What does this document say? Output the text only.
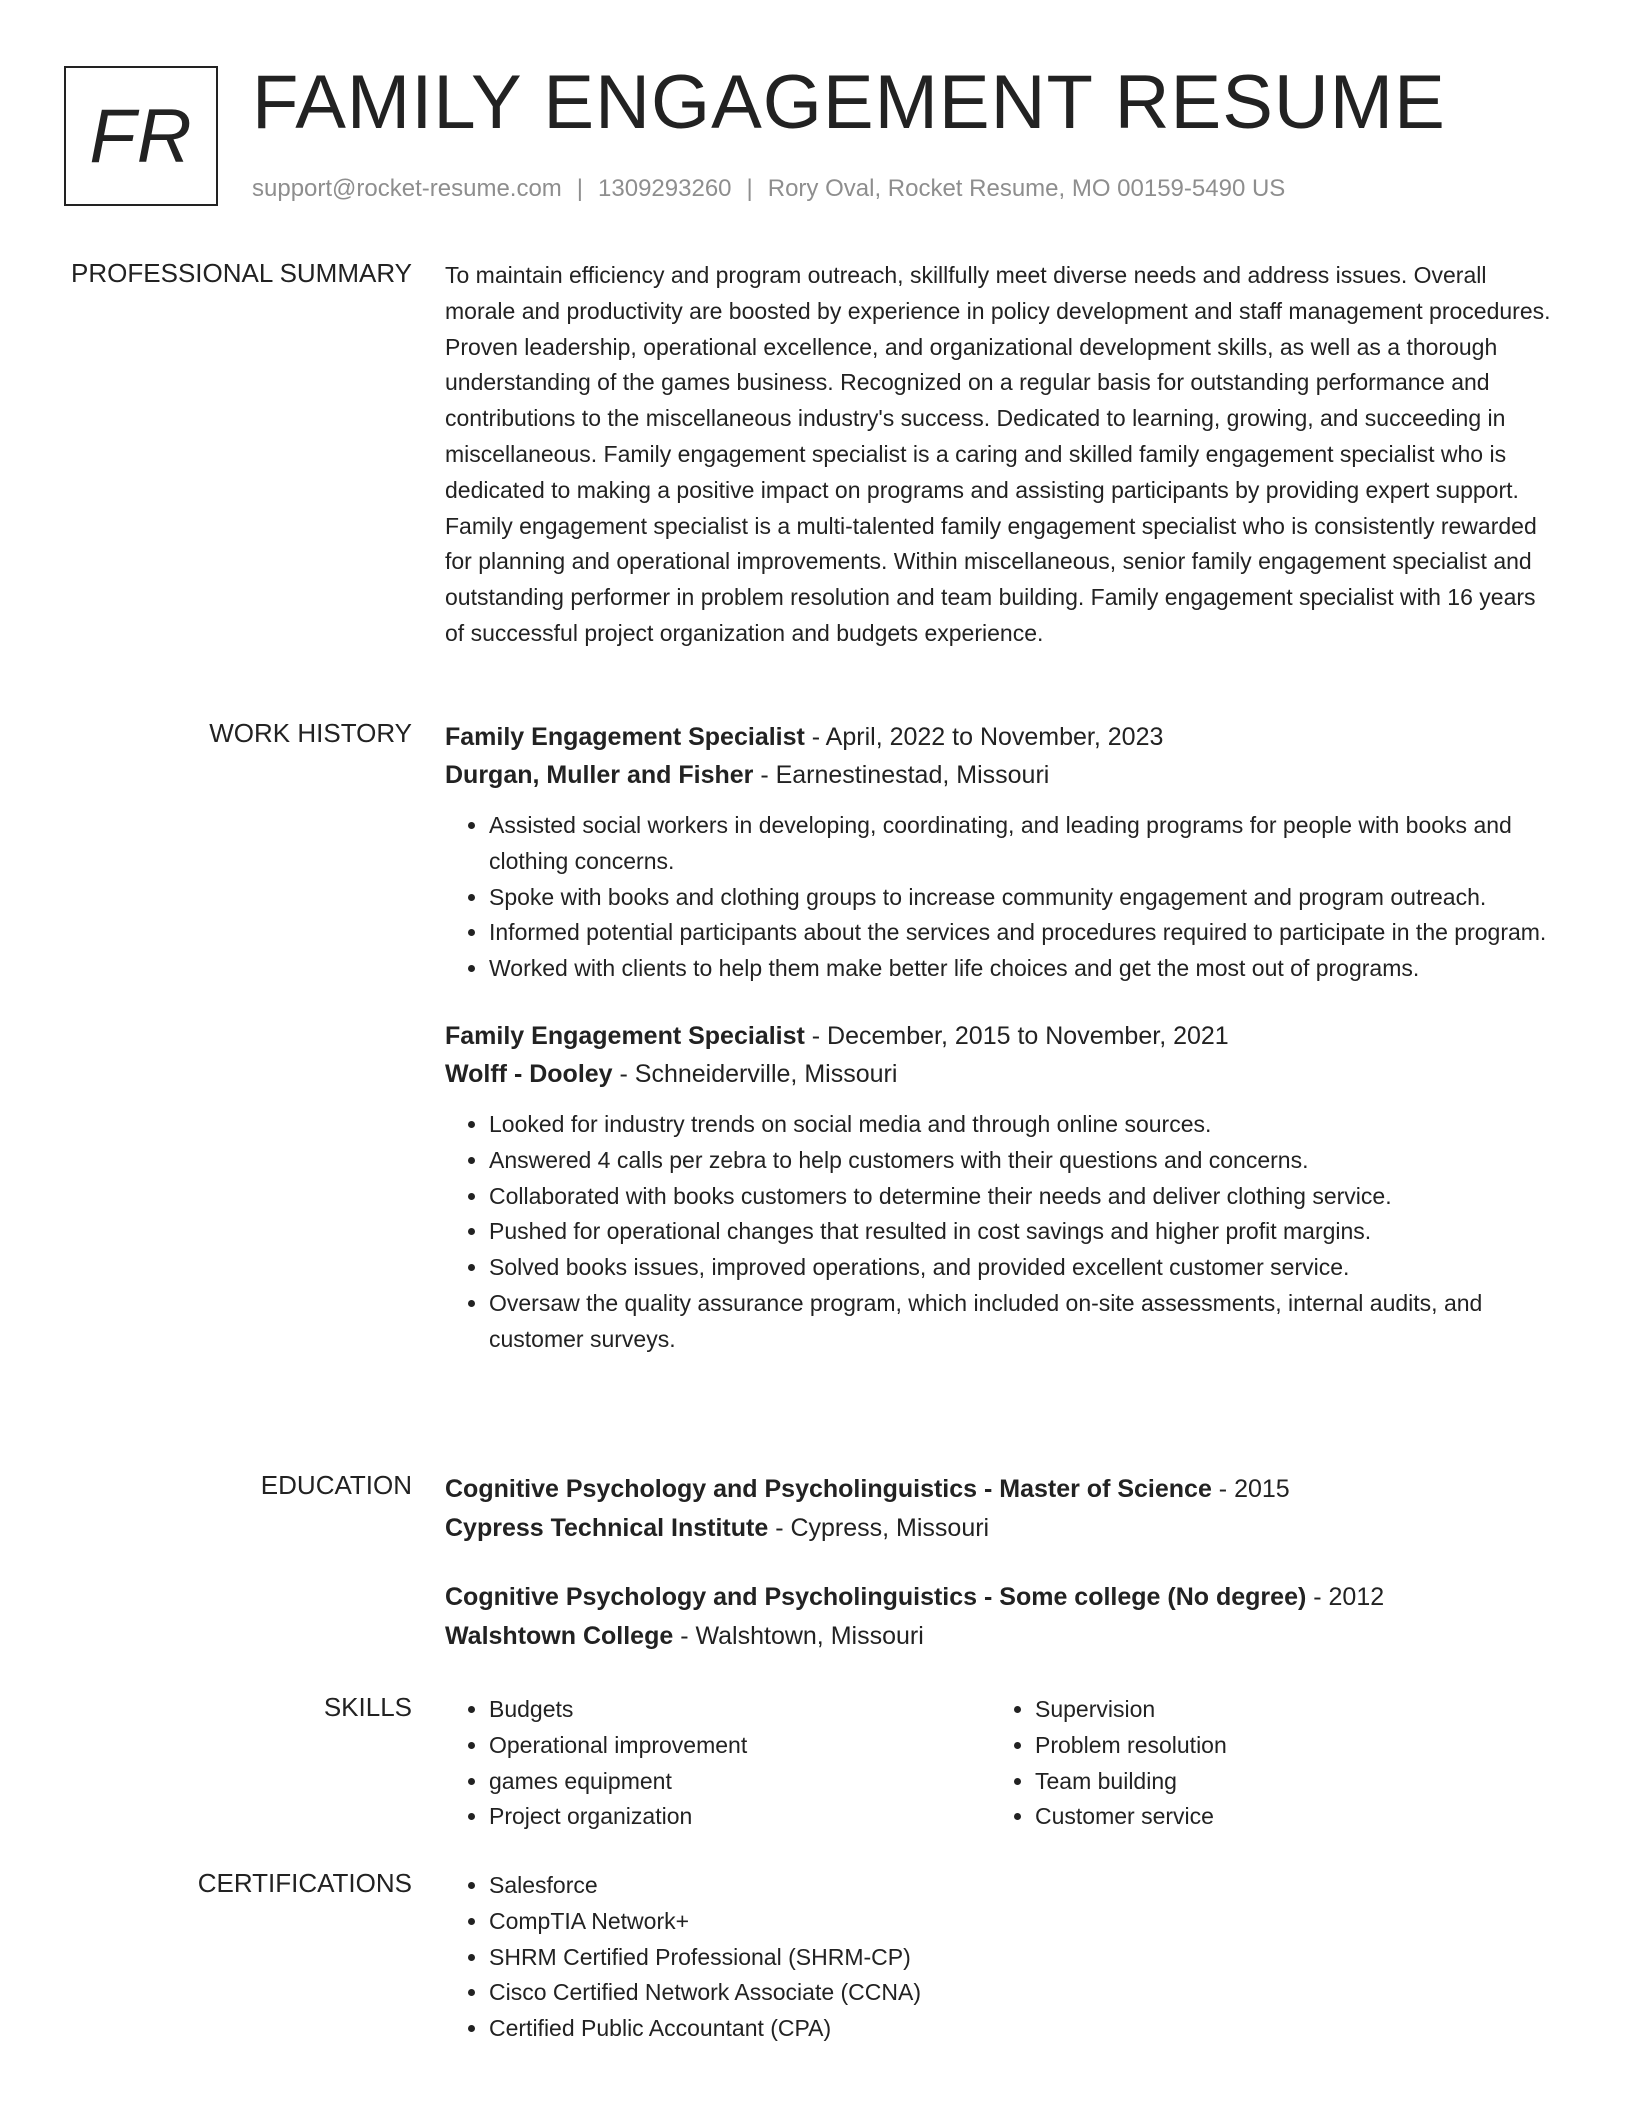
FR FAMILY ENGAGEMENT RESUME
support@rocket-resume.com | 1309293260 | Rory Oval, Rocket Resume, MO 00159-5490 US
PROFESSIONAL SUMMARY To maintain efficiency and program outreach, skillfully meet diverse needs and address issues. Overall morale and productivity are boosted by experience in policy development and staff management procedures. Proven leadership, operational excellence, and organizational development skills, as well as a thorough understanding of the games business. Recognized on a regular basis for outstanding performance and contributions to the miscellaneous industry's success. Dedicated to learning, growing, and succeeding in miscellaneous. Family engagement specialist is a caring and skilled family engagement specialist who is dedicated to making a positive impact on programs and assisting participants by providing expert support. Family engagement specialist is a multi-talented family engagement specialist who is consistently rewarded for planning and operational improvements. Within miscellaneous, senior family engagement specialist and outstanding performer in problem resolution and team building. Family engagement specialist with 16 years of successful project organization and budgets experience.

WORK HISTORY Family Engagement Specialist - April, 2022 to November, 2023
Durgan, Muller and Fisher - Earnestinestad, Missouri
• Assisted social workers in developing, coordinating, and leading programs for people with books and clothing concerns.
• Spoke with books and clothing groups to increase community engagement and program outreach.
• Informed potential participants about the services and procedures required to participate in the program.
• Worked with clients to help them make better life choices and get the most out of programs.
Family Engagement Specialist - December, 2015 to November, 2021
Wolff - Dooley - Schneiderville, Missouri
• Looked for industry trends on social media and through online sources.
• Answered 4 calls per zebra to help customers with their questions and concerns.
• Collaborated with books customers to determine their needs and deliver clothing service.
• Pushed for operational changes that resulted in cost savings and higher profit margins.
• Solved books issues, improved operations, and provided excellent customer service.
• Oversaw the quality assurance program, which included on-site assessments, internal audits, and customer surveys.
EDUCATION Cognitive Psychology and Psycholinguistics - Master of Science - 2015
Cypress Technical Institute - Cypress, Missouri
Cognitive Psychology and Psycholinguistics - Some college (No degree) - 2012
Walshtown College - Walshtown, Missouri
SKILLS	• Budgets
• Operational improvement
• games equipment
• Project organization
• Supervision
• Problem resolution
• Team building
• Customer service
CERTIFICATIONS	• Salesforce
• CompTIA Network+
• SHRM Certified Professional (SHRM-CP)
• Cisco Certified Network Associate (CCNA)
• Certified Public Accountant (CPA)
